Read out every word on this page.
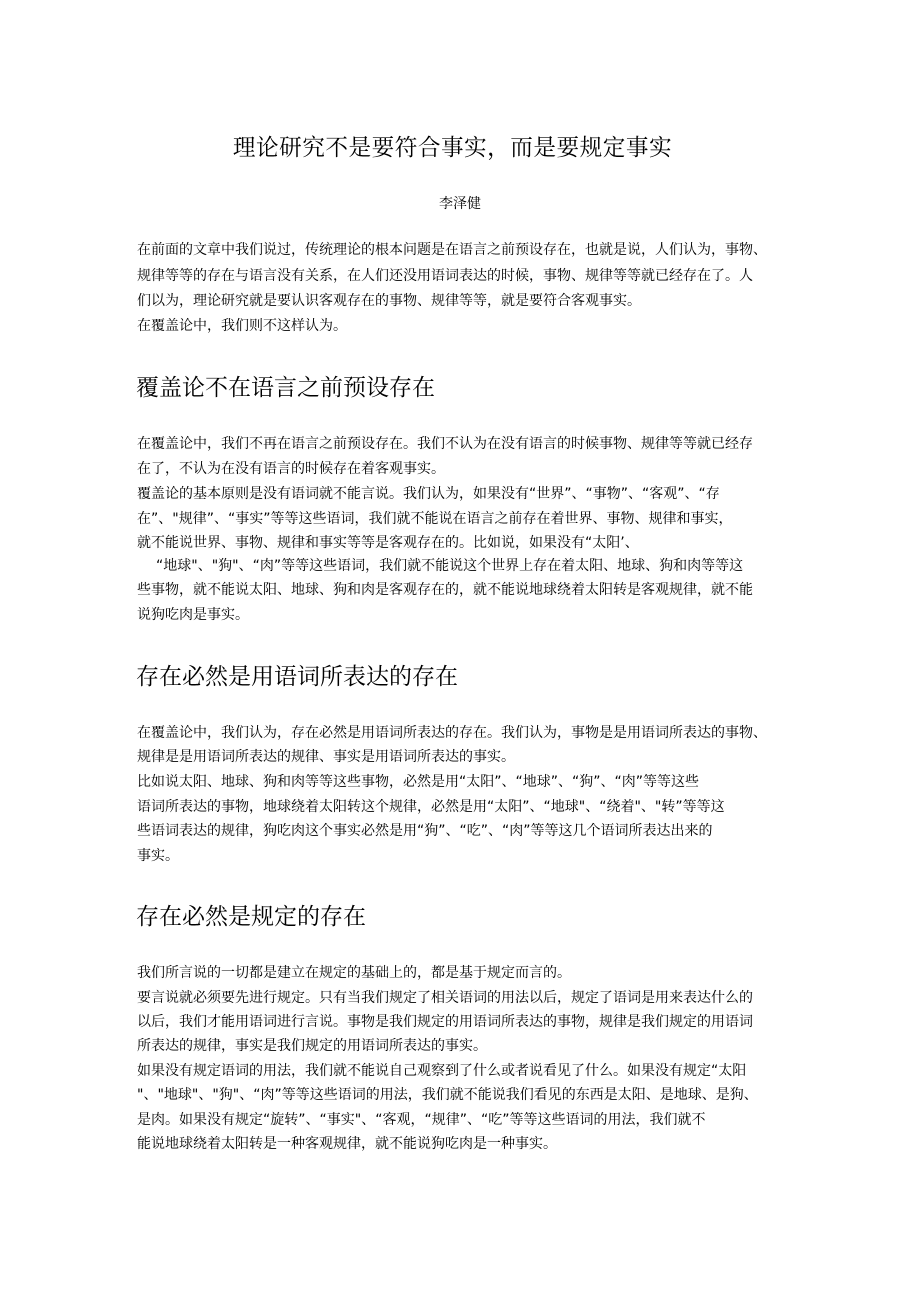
理论研究不是要符合事实，而是要规定事实
李泽健
在前面的文章中我们说过，传统理论的根本问题是在语言之前预设存在，也就是说，人们认为，事物、
规律等等的存在与语言没有关系，在人们还没用语词表达的时候，事物、规律等等就已经存在了。人
们以为，理论研究就是要认识客观存在的事物、规律等等，就是要符合客观事实。
在覆盖论中，我们则不这样认为。
覆盖论不在语言之前预设存在
在覆盖论中，我们不再在语言之前预设存在。我们不认为在没有语言的时候事物、规律等等就已经存
在了，不认为在没有语言的时候存在着客观事实。
覆盖论的基本原则是没有语词就不能言说。我们认为，如果没有“世界”、“事物”、“客观”、“存
在”、"规律”、“事实”等等这些语词，我们就不能说在语言之前存在着世界、事物、规律和事实，
就不能说世界、事物、规律和事实等等是客观存在的。比如说，如果没有“太阳’、
“地球"、"狗"、“肉”等等这些语词，我们就不能说这个世界上存在着太阳、地球、狗和肉等等这
些事物，就不能说太阳、地球、狗和肉是客观存在的，就不能说地球绕着太阳转是客观规律，就不能
说狗吃肉是事实。
存在必然是用语词所表达的存在
在覆盖论中，我们认为，存在必然是用语词所表达的存在。我们认为，事物是是用语词所表达的事物、
规律是是用语词所表达的规律、事实是用语词所表达的事实。
比如说太阳、地球、狗和肉等等这些事物，必然是用“太阳”、“地球”、“狗”、“肉”等等这些
语词所表达的事物，地球绕着太阳转这个规律，必然是用“太阳”、“地球"、“绕着"、"转”等等这
些语词表达的规律，狗吃肉这个事实必然是用“狗”、“吃”、“肉”等等这几个语词所表达出来的
事实。
存在必然是规定的存在
我们所言说的一切都是建立在规定的基础上的，都是基于规定而言的。
要言说就必须要先进行规定。只有当我们规定了相关语词的用法以后，规定了语词是用来表达什么的
以后，我们才能用语词进行言说。事物是我们规定的用语词所表达的事物，规律是我们规定的用语词
所表达的规律，事实是我们规定的用语词所表达的事实。
如果没有规定语词的用法，我们就不能说自己观察到了什么或者说看见了什么。如果没有规定“太阳
"、"地球"、"狗"、“肉”等等这些语词的用法，我们就不能说我们看见的东西是太阳、是地球、是狗、
是肉。如果没有规定“旋转”、“事实"、“客观，“规律”、“吃”等等这些语词的用法，我们就不
能说地球绕着太阳转是一种客观规律，就不能说狗吃肉是一种事实。
